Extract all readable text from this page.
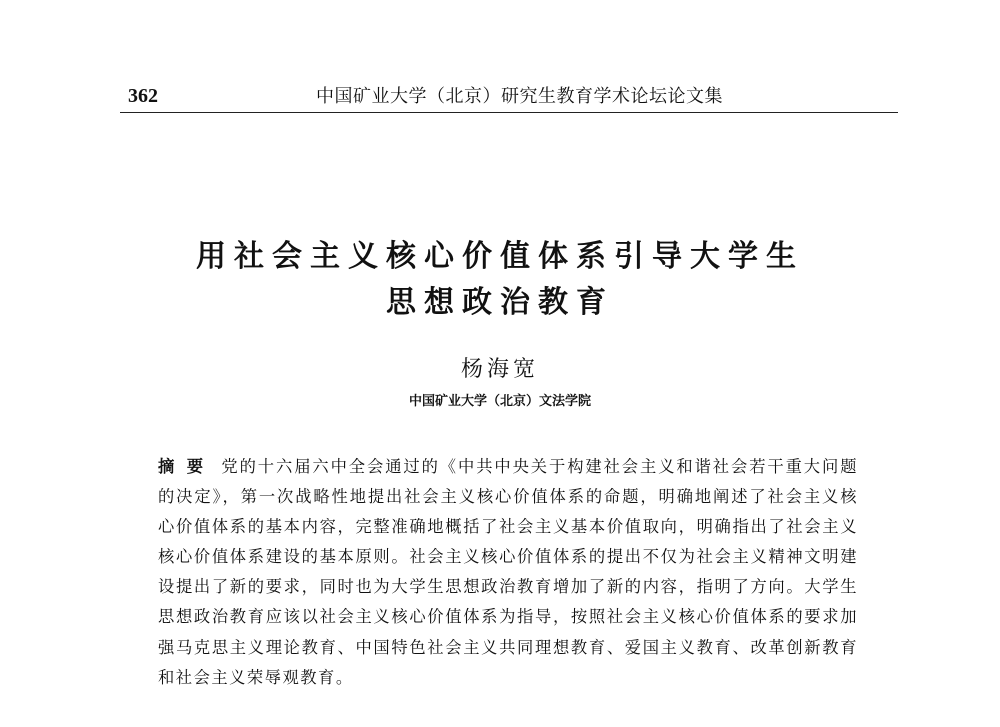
362	中国矿业大学（北京）研究生教育学术论坛论文集
用社会主义核心价值体系引导大学生
思想政治教育
杨海宽
中国矿业大学（北京）文法学院
摘要 党的十六届六中全会通过的《中共中央关于构建社会主义和谐社会若干重大问题的决定》，第一次战略性地提出社会主义核心价值体系的命题，明确地阐述了社会主义核心价值体系的基本内容，完整准确地概括了社会主义基本价值取向，明确指出了社会主义核心价值体系建设的基本原则。社会主义核心价值体系的提出不仅为社会主义精神文明建设提出了新的要求，同时也为大学生思想政治教育增加了新的内容，指明了方向。大学生思想政治教育应该以社会主义核心价值体系为指导，按照社会主义核心价值体系的要求加强马克思主义理论教育、中国特色社会主义共同理想教育、爱国主义教育、改革创新教育和社会主义荣辱观教育。
